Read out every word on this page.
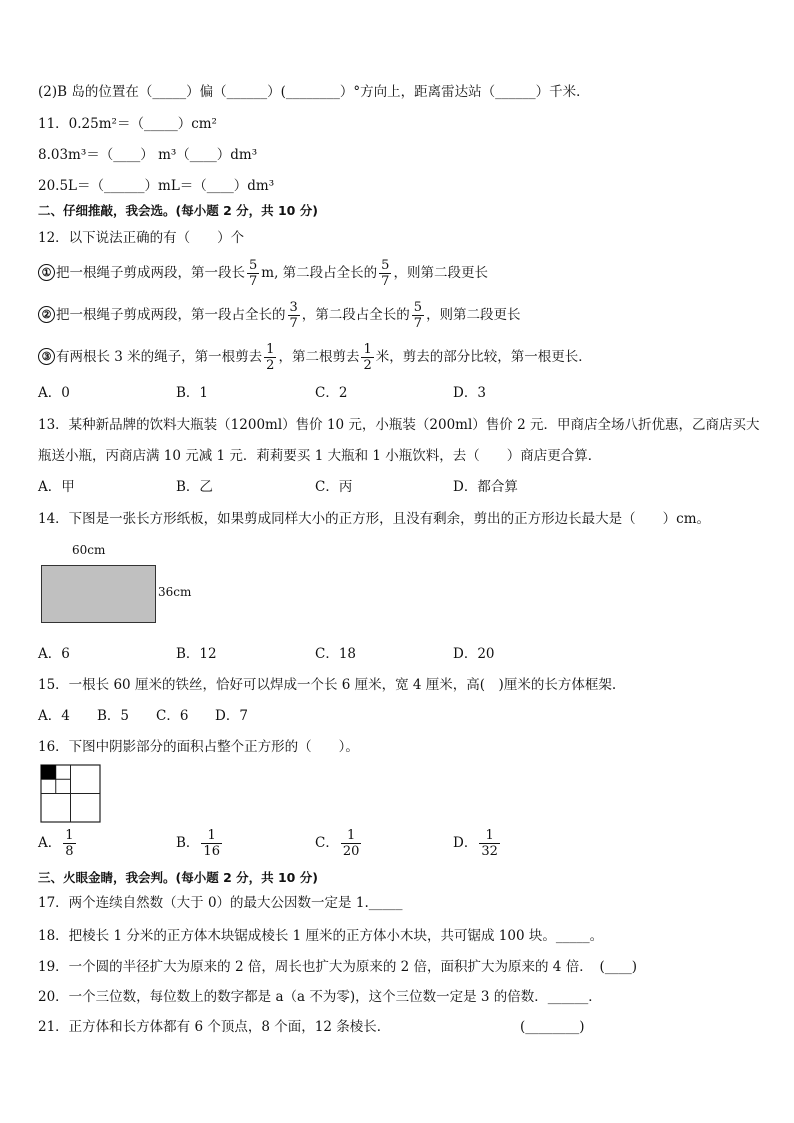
(2)B 岛的位置在（_____）偏（______）(________）°方向上，距离雷达站（______）千米．
11．0.25m²＝（_____）cm²
8.03m³＝（____） m³（____）dm³
20.5L＝（______）mL＝（____）dm³
二、仔细推敲，我会选。(每小题 2 分，共 10 分)
12．以下说法正确的有（　　）个
① 把一根绳子剪成两段，第一段长 $\frac{5}{7} m$, 第二段占全长的 $\frac{5}{7}$ ，则第二段更长
② 把一根绳子剪成两段，第一段占全长的 $\frac{3}{7}$ ，第二段占全长的 $\frac{5}{7}$ ，则第二段更长
③ 有两根长 3 米的绳子，第一根剪去 $\frac{1}{2}$ ，第二根剪去 $\frac{1}{2}$ 米，剪去的部分比较，第一根更长．
A．0	B．1	C．2	D．3
13．某种新品牌的饮料大瓶装（1200ml）售价 10 元，小瓶装（200ml）售价 2 元．甲商店全场八折优惠，乙商店买大
瓶送小瓶，丙商店满 10 元减 1 元．莉莉要买 1 大瓶和 1 小瓶饮料，去（　　）商店更合算．
A．甲	B．乙	C．丙	D．都合算
14．下图是一张长方形纸板，如果剪成同样大小的正方形，且没有剩余，剪出的正方形边长最大是（　　）cm。
60cm
36cm
A．6	B．12	C．18	D．20
15．一根长 60 厘米的铁丝，恰好可以焊成一个长 6 厘米，宽 4 厘米，高(　)厘米的长方体框架.
A．4 B．5 C．6 D．7
16．下图中阴影部分的面积占整个正方形的（　　）。
A． $\frac{1}{8}$	B． $\frac{1}{16}$	C． $\frac{1}{20}$	D． $\frac{1}{32}$
三、火眼金睛，我会判。(每小题 2 分，共 10 分)
17．两个连续自然数（大于 0）的最大公因数一定是 1._____
18．把棱长 1 分米的正方体木块锯成棱长 1 厘米的正方体小木块，共可锯成 100 块。_____。
19．一个圆的半径扩大为原来的 2 倍，周长也扩大为原来的 2 倍，面积扩大为原来的 4 倍．　(____)
20．一个三位数，每位数上的数字都是 a（a 不为零)，这个三位数一定是 3 的倍数．______．
21．正方体和长方体都有 6 个顶点，8 个面，12 条棱长．	(________)
